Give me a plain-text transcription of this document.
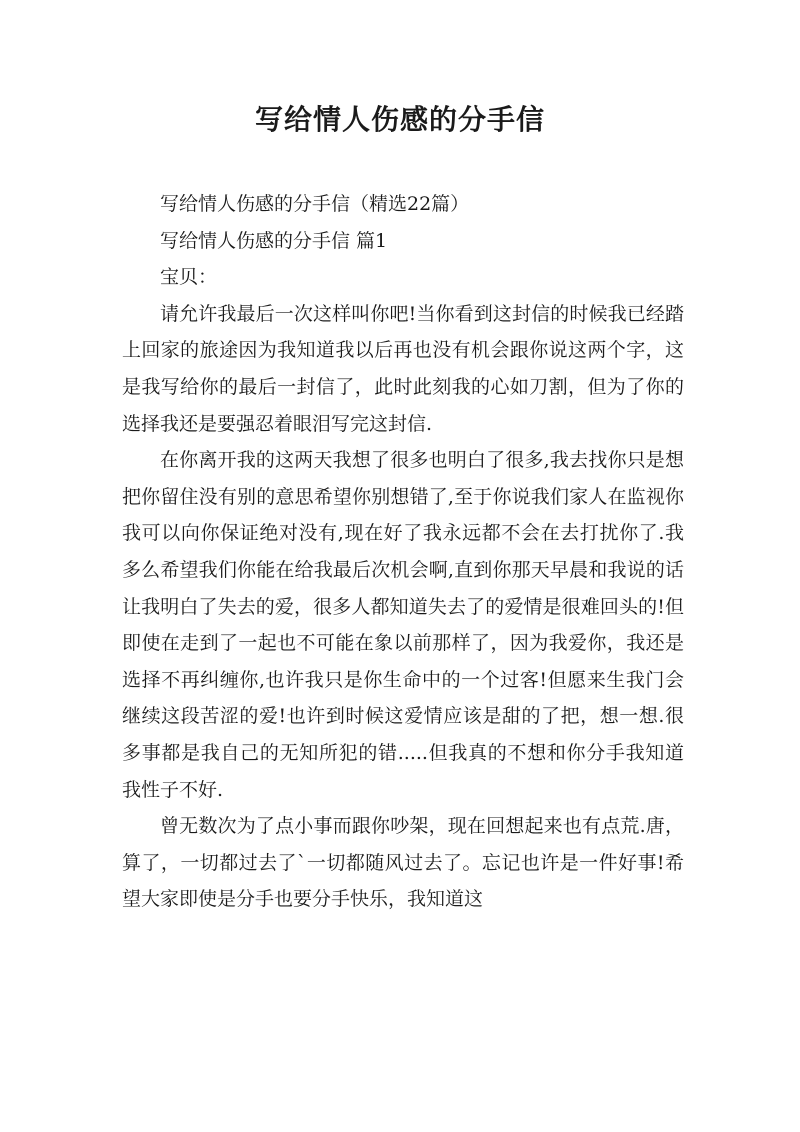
写给情人伤感的分手信

写给情人伤感的分手信（精选22篇）

写给情人伤感的分手信 篇1

宝贝：

请允许我最后一次这样叫你吧!当你看到这封信的时候我已经踏上回家的旅途因为我知道我以后再也没有机会跟你说这两个字，这是我写给你的最后一封信了，此时此刻我的心如刀割，但为了你的选择我还是要强忍着眼泪写完这封信.

在你离开我的这两天我想了很多也明白了很多,我去找你只是想把你留住没有别的意思希望你别想错了,至于你说我们家人在监视你我可以向你保证绝对没有,现在好了我永远都不会在去打扰你了.我多么希望我们你能在给我最后次机会啊,直到你那天早晨和我说的话让我明白了失去的爱，很多人都知道失去了的爱情是很难回头的!但即使在走到了一起也不可能在象以前那样了，因为我爱你，我还是选择不再纠缠你,也许我只是你生命中的一个过客!但愿来生我门会继续这段苦涩的爱!也许到时候这爱情应该是甜的了把，想一想.很多事都是我自己的无知所犯的错.....但我真的不想和你分手我知道我性子不好.

曾无数次为了点小事而跟你吵架，现在回想起来也有点荒.唐，算了，一切都过去了`一切都随风过去了。忘记也许是一件好事!希望大家即使是分手也要分手快乐，我知道这
